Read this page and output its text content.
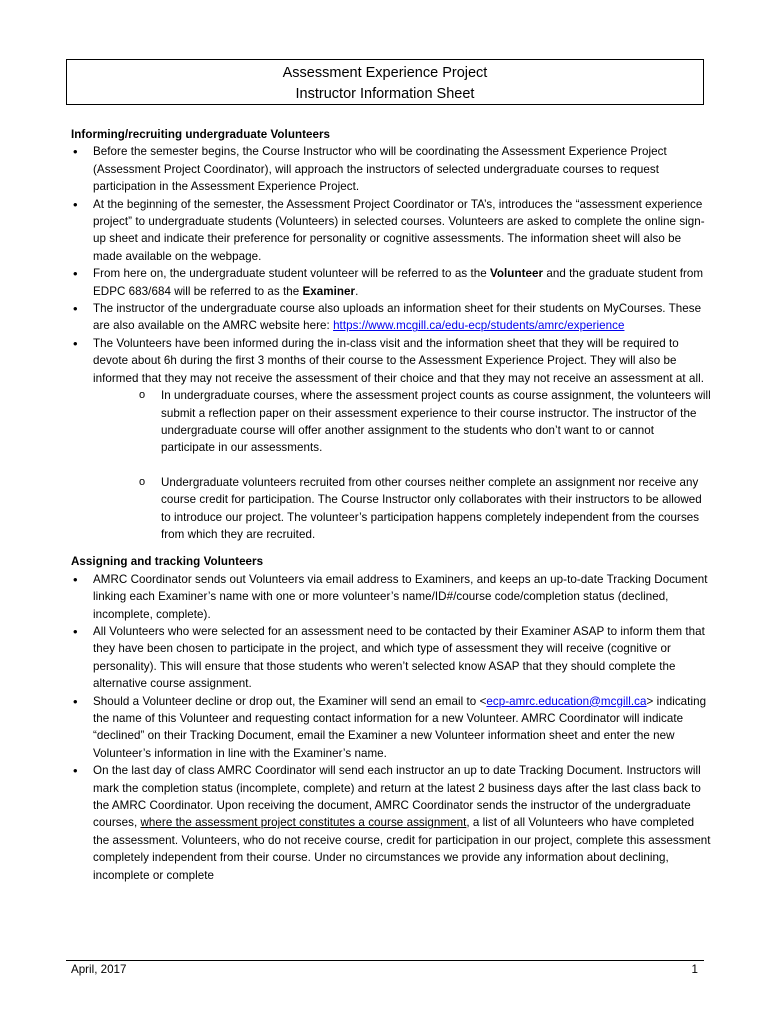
Assessment Experience Project
Instructor Information Sheet

Informing/recruiting undergraduate Volunteers

• Before the semester begins, the Course Instructor who will be coordinating the Assessment Experience Project (Assessment Project Coordinator), will approach the instructors of selected undergraduate courses to request participation in the Assessment Experience Project.
• At the beginning of the semester, the Assessment Project Coordinator or TA’s, introduces the “assessment experience project” to undergraduate students (Volunteers) in selected courses. Volunteers are asked to complete the online sign-up sheet and indicate their preference for personality or cognitive assessments. The information sheet will also be made available on the webpage.
• From here on, the undergraduate student volunteer will be referred to as the Volunteer and the graduate student from EDPC 683/684 will be referred to as the Examiner.
• The instructor of the undergraduate course also uploads an information sheet for their students on MyCourses. These are also available on the AMRC website here: https://www.mcgill.ca/edu-ecp/students/amrc/experience
• The Volunteers have been informed during the in-class visit and the information sheet that they will be required to devote about 6h during the first 3 months of their course to the Assessment Experience Project. They will also be informed that they may not receive the assessment of their choice and that they may not receive an assessment at all.
o In undergraduate courses, where the assessment project counts as course assignment, the volunteers will submit a reflection paper on their assessment experience to their course instructor. The instructor of the undergraduate course will offer another assignment to the students who don’t want to or cannot participate in our assessments.
o Undergraduate volunteers recruited from other courses neither complete an assignment nor receive any course credit for participation. The Course Instructor only collaborates with their instructors to be allowed to introduce our project. The volunteer’s participation happens completely independent from the courses from which they are recruited.

Assigning and tracking Volunteers

• AMRC Coordinator sends out Volunteers via email address to Examiners, and keeps an up-to-date Tracking Document linking each Examiner’s name with one or more volunteer’s name/ID#/course code/completion status (declined, incomplete, complete).
• All Volunteers who were selected for an assessment need to be contacted by their Examiner ASAP to inform them that they have been chosen to participate in the project, and which type of assessment they will receive (cognitive or personality). This will ensure that those students who weren’t selected know ASAP that they should complete the alternative course assignment.
• Should a Volunteer decline or drop out, the Examiner will send an email to <ecp-amrc.education@mcgill.ca> indicating the name of this Volunteer and requesting contact information for a new Volunteer. AMRC Coordinator will indicate “declined” on their Tracking Document, email the Examiner a new Volunteer information sheet and enter the new Volunteer’s information in line with the Examiner’s name.
• On the last day of class AMRC Coordinator will send each instructor an up to date Tracking Document. Instructors will mark the completion status (incomplete, complete) and return at the latest 2 business days after the last class back to the AMRC Coordinator. Upon receiving the document, AMRC Coordinator sends the instructor of the undergraduate courses, where the assessment project constitutes a course assignment, a list of all Volunteers who have completed the assessment. Volunteers, who do not receive course, credit for participation in our project, complete this assessment completely independent from their course. Under no circumstances we provide any information about declining, incomplete or complete
April, 2017	1
